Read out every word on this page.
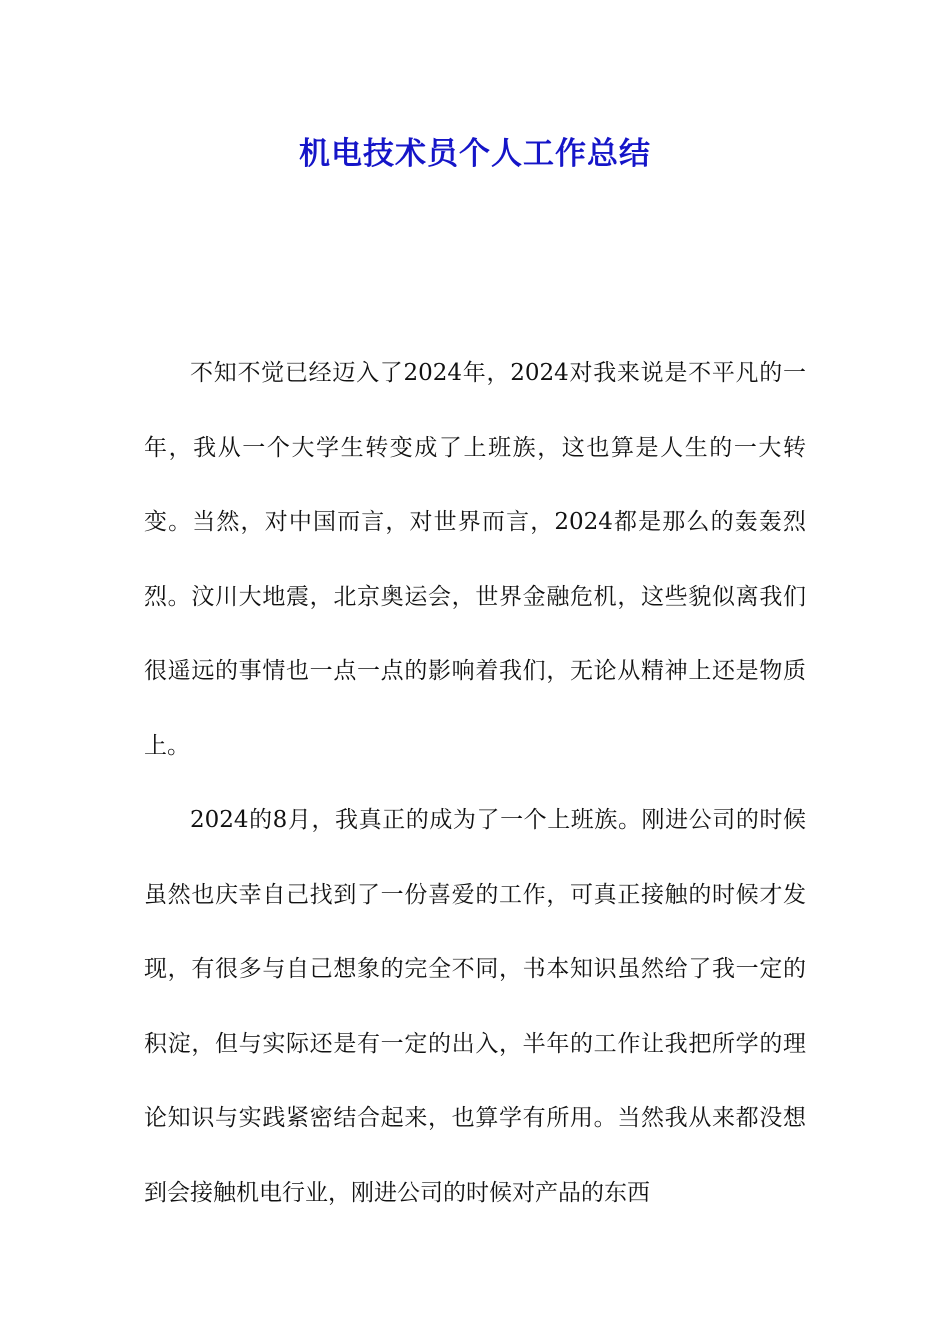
机电技术员个人工作总结

不知不觉已经迈入了2024年，2024对我来说是不平凡的一年，我从一个大学生转变成了上班族，这也算是人生的一大转变。当然，对中国而言，对世界而言，2024都是那么的轰轰烈烈。汶川大地震，北京奥运会，世界金融危机，这些貌似离我们很遥远的事情也一点一点的影响着我们，无论从精神上还是物质上。

2024的8月，我真正的成为了一个上班族。刚进公司的时候虽然也庆幸自己找到了一份喜爱的工作，可真正接触的时候才发现，有很多与自己想象的完全不同，书本知识虽然给了我一定的积淀，但与实际还是有一定的出入，半年的工作让我把所学的理论知识与实践紧密结合起来，也算学有所用。当然我从来都没想到会接触机电行业，刚进公司的时候对产品的东西
